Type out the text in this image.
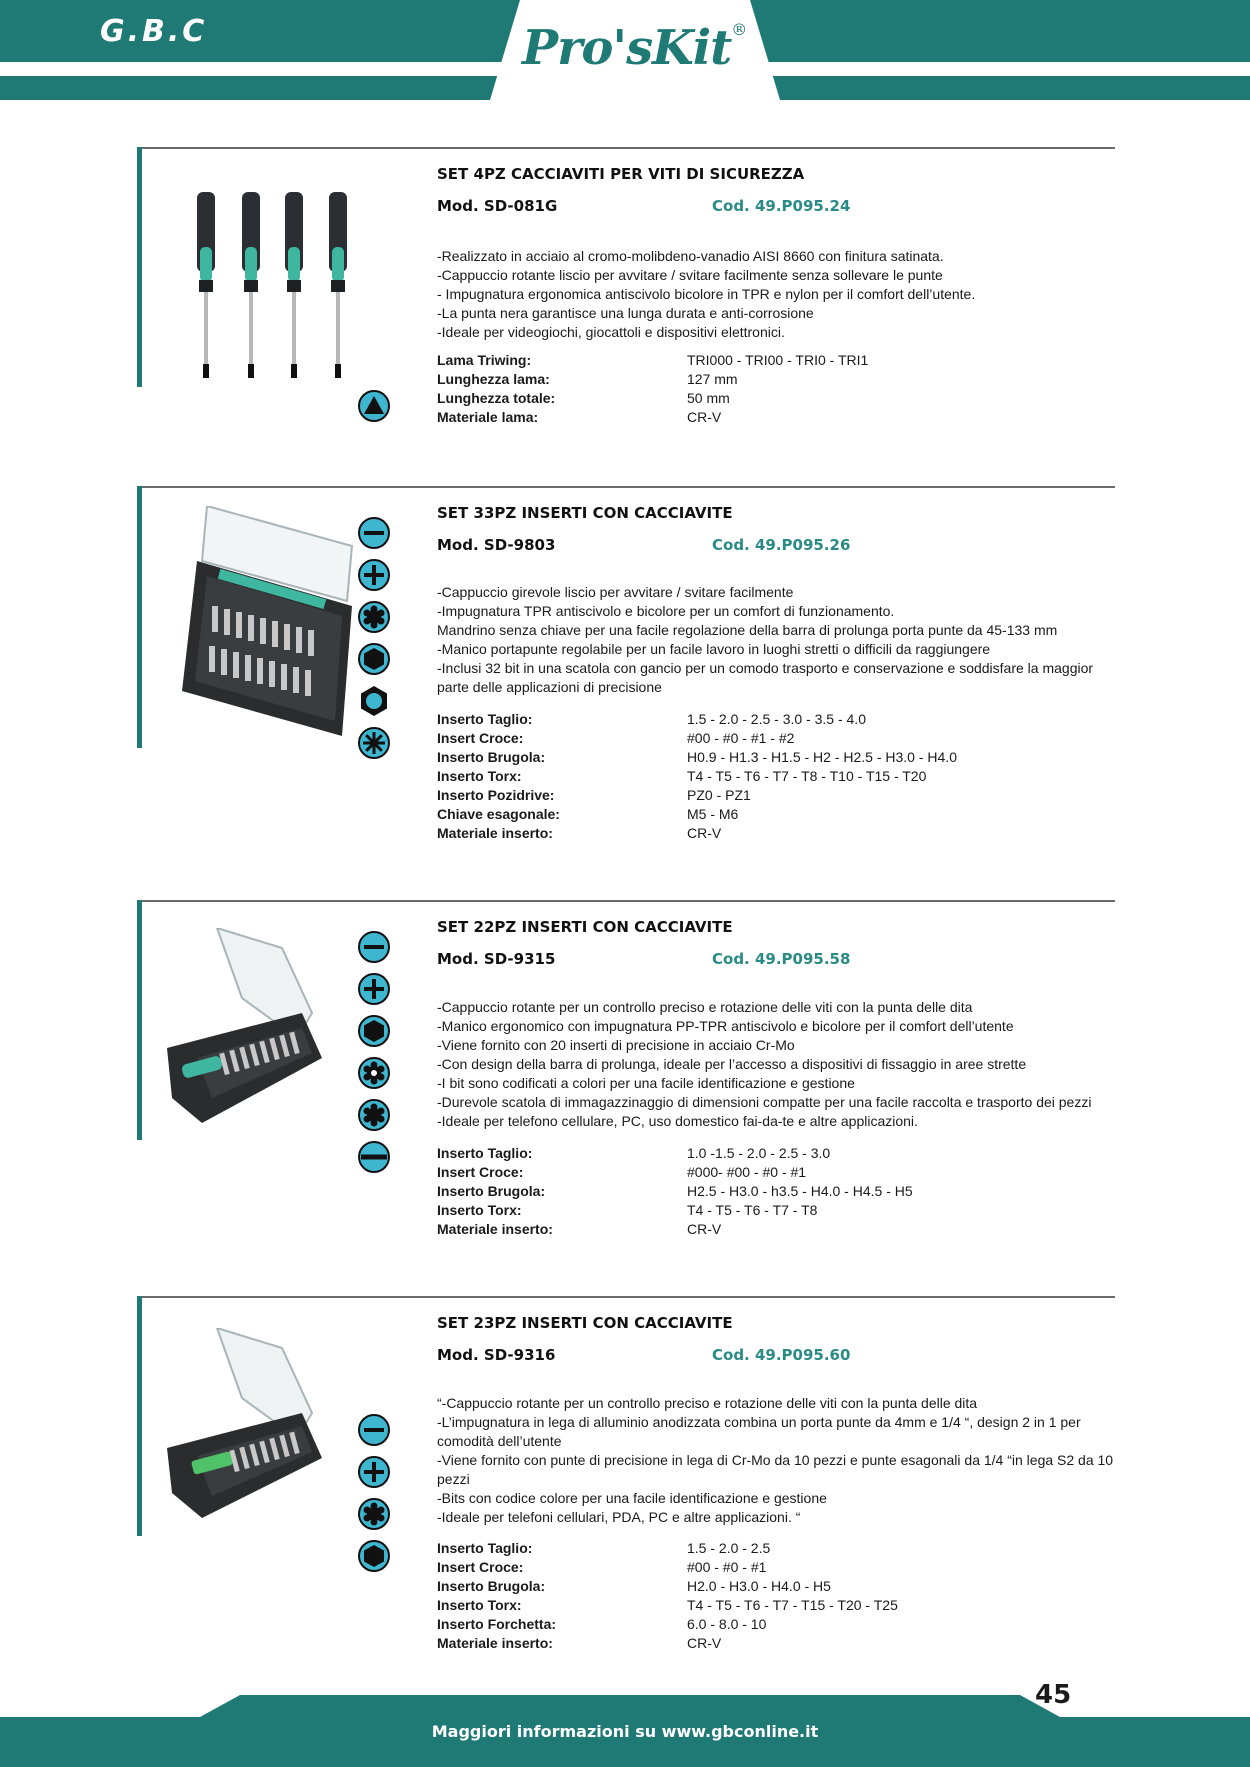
G.B.C	Pro'sKit®
SET 4PZ CACCIAVITI PER VITI DI SICUREZZA
Mod. SD-081G	Cod. 49.P095.24

-Realizzato in acciaio al cromo-molibdeno-vanadio AISI 8660 con finitura satinata.

-Cappuccio rotante liscio per avvitare / svitare facilmente senza sollevare le punte

- Impugnatura ergonomica antiscivolo bicolore in TPR e nylon per il comfort dell’utente.

-La punta nera garantisce una lunga durata e anti-corrosione

-Ideale per videogiochi, giocattoli e dispositivi elettronici.

Lama Triwing:	TRI000 - TRI00 - TRI0 - TRI1
Lunghezza lama:	127 mm
Lunghezza totale:	50 mm
Materiale lama:	CR-V
SET 33PZ INSERTI CON CACCIAVITE
Mod. SD-9803	Cod. 49.P095.26

-Cappuccio girevole liscio per avvitare / svitare facilmente

-Impugnatura TPR antiscivolo e bicolore per un comfort di funzionamento.

Mandrino senza chiave per una facile regolazione della barra di prolunga porta punte da 45-133 mm

-Manico portapunte regolabile per un facile lavoro in luoghi stretti o difficili da raggiungere

-Inclusi 32 bit in una scatola con gancio per un comodo trasporto e conservazione e soddisfare la maggior parte delle applicazioni di precisione

Inserto Taglio:	1.5 - 2.0 - 2.5 - 3.0 - 3.5 - 4.0
Insert Croce:	#00 - #0 - #1 - #2
Inserto Brugola:	H0.9 - H1.3 - H1.5 - H2 - H2.5 - H3.0 - H4.0
Inserto Torx:	T4 - T5 - T6 - T7 - T8 - T10 - T15 - T20
Inserto Pozidrive:	PZ0 - PZ1
Chiave esagonale:	M5 - M6
Materiale inserto:	CR-V
SET 22PZ INSERTI CON CACCIAVITE
Mod. SD-9315	Cod. 49.P095.58

-Cappuccio rotante per un controllo preciso e rotazione delle viti con la punta delle dita

-Manico ergonomico con impugnatura PP-TPR antiscivolo e bicolore per il comfort dell’utente

-Viene fornito con 20 inserti di precisione in acciaio Cr-Mo

-Con design della barra di prolunga, ideale per l’accesso a dispositivi di fissaggio in aree strette

-I bit sono codificati a colori per una facile identificazione e gestione

-Durevole scatola di immagazzinaggio di dimensioni compatte per una facile raccolta e trasporto dei pezzi

-Ideale per telefono cellulare, PC, uso domestico fai-da-te e altre applicazioni.

Inserto Taglio:	1.0 -1.5 - 2.0 - 2.5 - 3.0
Insert Croce:	#000- #00 - #0 - #1
Inserto Brugola:	H2.5 - H3.0 - h3.5 - H4.0 - H4.5 - H5
Inserto Torx:	T4 - T5 - T6 - T7 - T8
Materiale inserto:	CR-V
SET 23PZ INSERTI CON CACCIAVITE
Mod. SD-9316	Cod. 49.P095.60

“-Cappuccio rotante per un controllo preciso e rotazione delle viti con la punta delle dita

-L’impugnatura in lega di alluminio anodizzata combina un porta punte da 4mm e 1/4 “, design 2 in 1 per comodità dell’utente

-Viene fornito con punte di precisione in lega di Cr-Mo da 10 pezzi e punte esagonali da 1/4 “in lega S2 da 10 pezzi

-Bits con codice colore per una facile identificazione e gestione

-Ideale per telefoni cellulari, PDA, PC e altre applicazioni. “

Inserto Taglio:	1.5 - 2.0 - 2.5
Insert Croce:	#00 - #0 - #1
Inserto Brugola:	H2.0 - H3.0 - H4.0 - H5
Inserto Torx:	T4 - T5 - T6 - T7 - T15 - T20 - T25
Inserto Forchetta:	6.0 - 8.0 - 10
Materiale inserto:	CR-V
Maggiori informazioni su www.gbconline.it
45
